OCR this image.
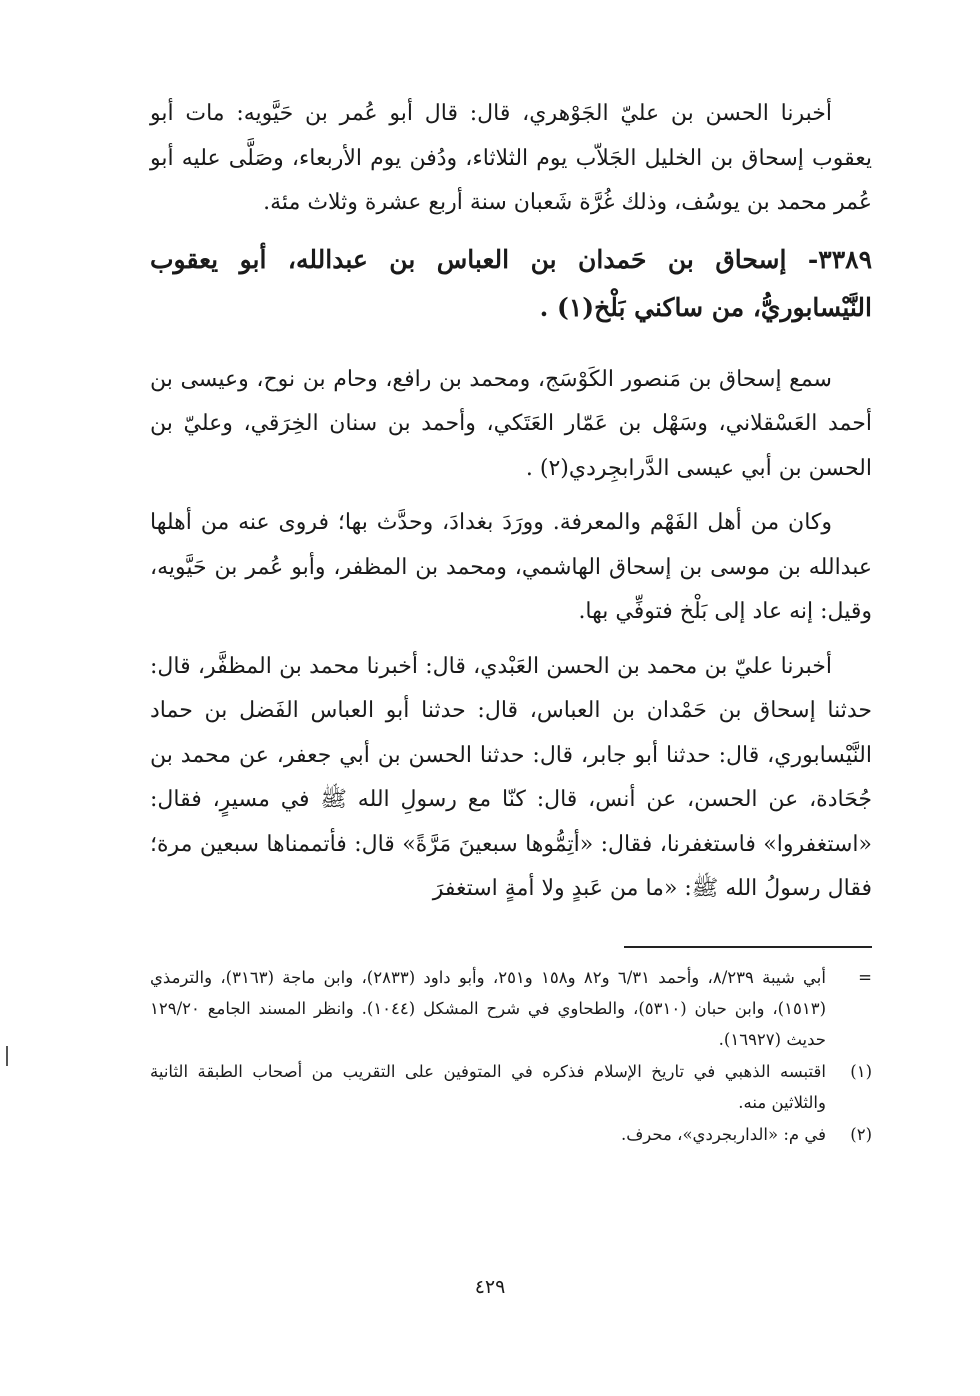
أخبرنا الحسن بن عليّ الجَوْهري، قال: قال أبو عُمر بن حَيَّويه: مات أبو يعقوب إسحاق بن الخليل الجَلاّب يوم الثلاثاء، ودُفن يوم الأربعاء، وصَلَّى عليه أبو عُمر محمد بن يوسُف، وذلك غُرَّة شَعبان سنة أربع عشرة وثلاث مئة.

٣٣٨٩- إسحاق بن حَمدان بن العباس بن عبدالله، أبو يعقوب النَّيْسابوريُّ، من ساكني بَلْخ(١) .

سمع إسحاق بن مَنصور الكَوْسَج، ومحمد بن رافع، وحام بن نوح، وعيسى بن أحمد العَسْقلاني، وسَهْل بن عَمّار العَتَكي، وأحمد بن سنان الخِرَقي، وعليّ بن الحسن بن أبي عيسى الدَّرابجِردي(٢) .

وكان من أهل الفَهْم والمعرفة. وورَدَ بغدادَ، وحدَّث بها؛ فروى عنه من أهلها عبدالله بن موسى بن إسحاق الهاشمي، ومحمد بن المظفر، وأبو عُمر بن حَيَّويه، وقيل: إنه عاد إلى بَلْخ فتوفِّي بها.

أخبرنا عليّ بن محمد بن الحسن العَبْدي، قال: أخبرنا محمد بن المظفَّر، قال: حدثنا إسحاق بن حَمْدان بن العباس، قال: حدثنا أبو العباس الفَضل بن حماد النَّيْسابوري، قال: حدثنا أبو جابر، قال: حدثنا الحسن بن أبي جعفر، عن محمد بن جُحَادة، عن الحسن، عن أنس، قال: كنّا مع رسولِ الله ﷺ في مسيرٍ، فقال: «استغفروا» فاستغفرنا، فقال: «أتِمُّوها سبعينَ مَرَّةً» قال: فأتممناها سبعين مرة؛ فقال رسولُ الله ﷺ: «ما من عَبدٍ ولا أمةٍ استغفرَ

=
أبي شيبة ٨/٢٣٩، وأحمد ٦/٣١ و٨٢ و١٥٨ و٢٥١، وأبو داود (٢٨٣٣)، وابن ماجة (٣١٦٣)، والترمذي (١٥١٣)، وابن حبان (٥٣١٠)، والطحاوي في شرح المشكل (١٠٤٤). وانظر المسند الجامع ١٢٩/٢٠ حديث (١٦٩٢٧).
(١)
اقتبسه الذهبي في تاريخ الإسلام فذكره في المتوفين على التقريب من أصحاب الطبقة الثانية والثلاثين منه.
(٢)
في م: «الداربجردي»، محرف.
٤٢٩
